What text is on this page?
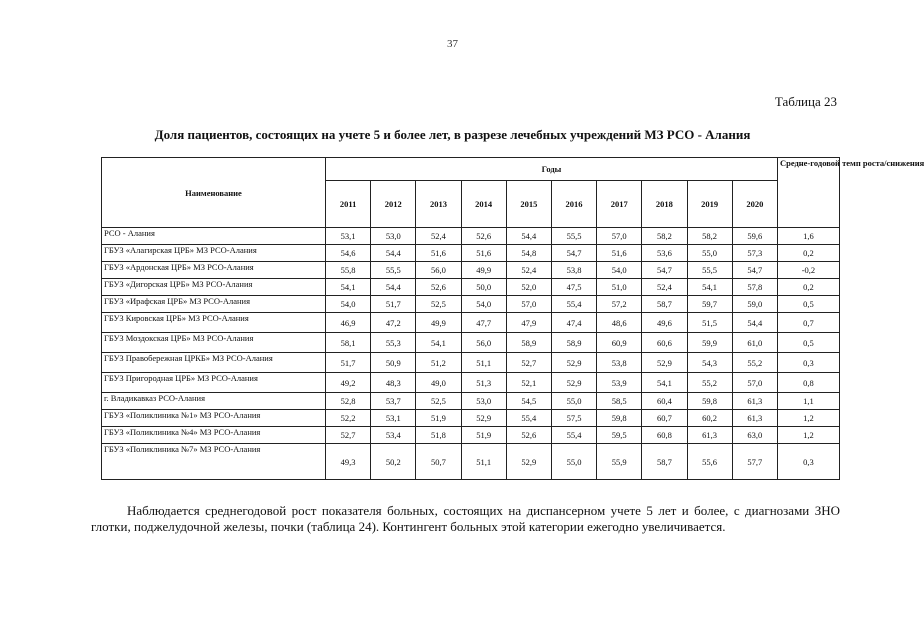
37
Таблица 23
Доля пациентов, состоящих на учете 5 и более лет, в разрезе лечебных учреждений МЗ РСО - Алания
Наименование	Годы										Средне-годовой темп роста/снижения
	2011	2012	2013	2014	2015	2016	2017	2018	2019	2020	
РСО - Алания	53,1	53,0	52,4	52,6	54,4	55,5	57,0	58,2	58,2	59,6	1,6
ГБУЗ «Алагирская ЦРБ» МЗ РСО-Алания	54,6	54,4	51,6	51,6	54,8	54,7	51,6	53,6	55,0	57,3	0,2
ГБУЗ «Ардонская ЦРБ» МЗ РСО-Алания	55,8	55,5	56,0	49,9	52,4	53,8	54,0	54,7	55,5	54,7	-0,2
ГБУЗ «Дигорская ЦРБ» МЗ РСО-Алания	54,1	54,4	52,6	50,0	52,0	47,5	51,0	52,4	54,1	57,8	0,2
ГБУЗ «Ирафская ЦРБ» МЗ РСО-Алания	54,0	51,7	52,5	54,0	57,0	55,4	57,2	58,7	59,7	59,0	0,5
ГБУЗ Кировская ЦРБ» МЗ РСО-Алания	46,9	47,2	49,9	47,7	47,9	47,4	48,6	49,6	51,5	54,4	0,7
ГБУЗ Моздокская ЦРБ» МЗ РСО-Алания	58,1	55,3	54,1	56,0	58,9	58,9	60,9	60,6	59,9	61,0	0,5
ГБУЗ Правобережная ЦРКБ» МЗ РСО-Алания	51,7	50,9	51,2	51,1	52,7	52,9	53,8	52,9	54,3	55,2	0,3
ГБУЗ Пригородная ЦРБ» МЗ РСО-Алания	49,2	48,3	49,0	51,3	52,1	52,9	53,9	54,1	55,2	57,0	0,8
г. Владикавказ РСО-Алания	52,8	53,7	52,5	53,0	54,5	55,0	58,5	60,4	59,8	61,3	1,1
ГБУЗ «Поликлиника №1» МЗ РСО-Алания	52,2	53,1	51,9	52,9	55,4	57,5	59,8	60,7	60,2	61,3	1,2
ГБУЗ «Поликлиника №4» МЗ РСО-Алания	52,7	53,4	51,8	51,9	52,6	55,4	59,5	60,8	61,3	63,0	1,2
ГБУЗ «Поликлиника №7» МЗ РСО-Алания	49,3	50,2	50,7	51,1	52,9	55,0	55,9	58,7	55,6	57,7	0,3
Наблюдается среднегодовой рост показателя больных, состоящих на диспансерном учете 5 лет и более, с диагнозами ЗНО глотки, поджелудочной железы, почки (таблица 24). Контингент больных этой категории ежегодно увеличивается.
